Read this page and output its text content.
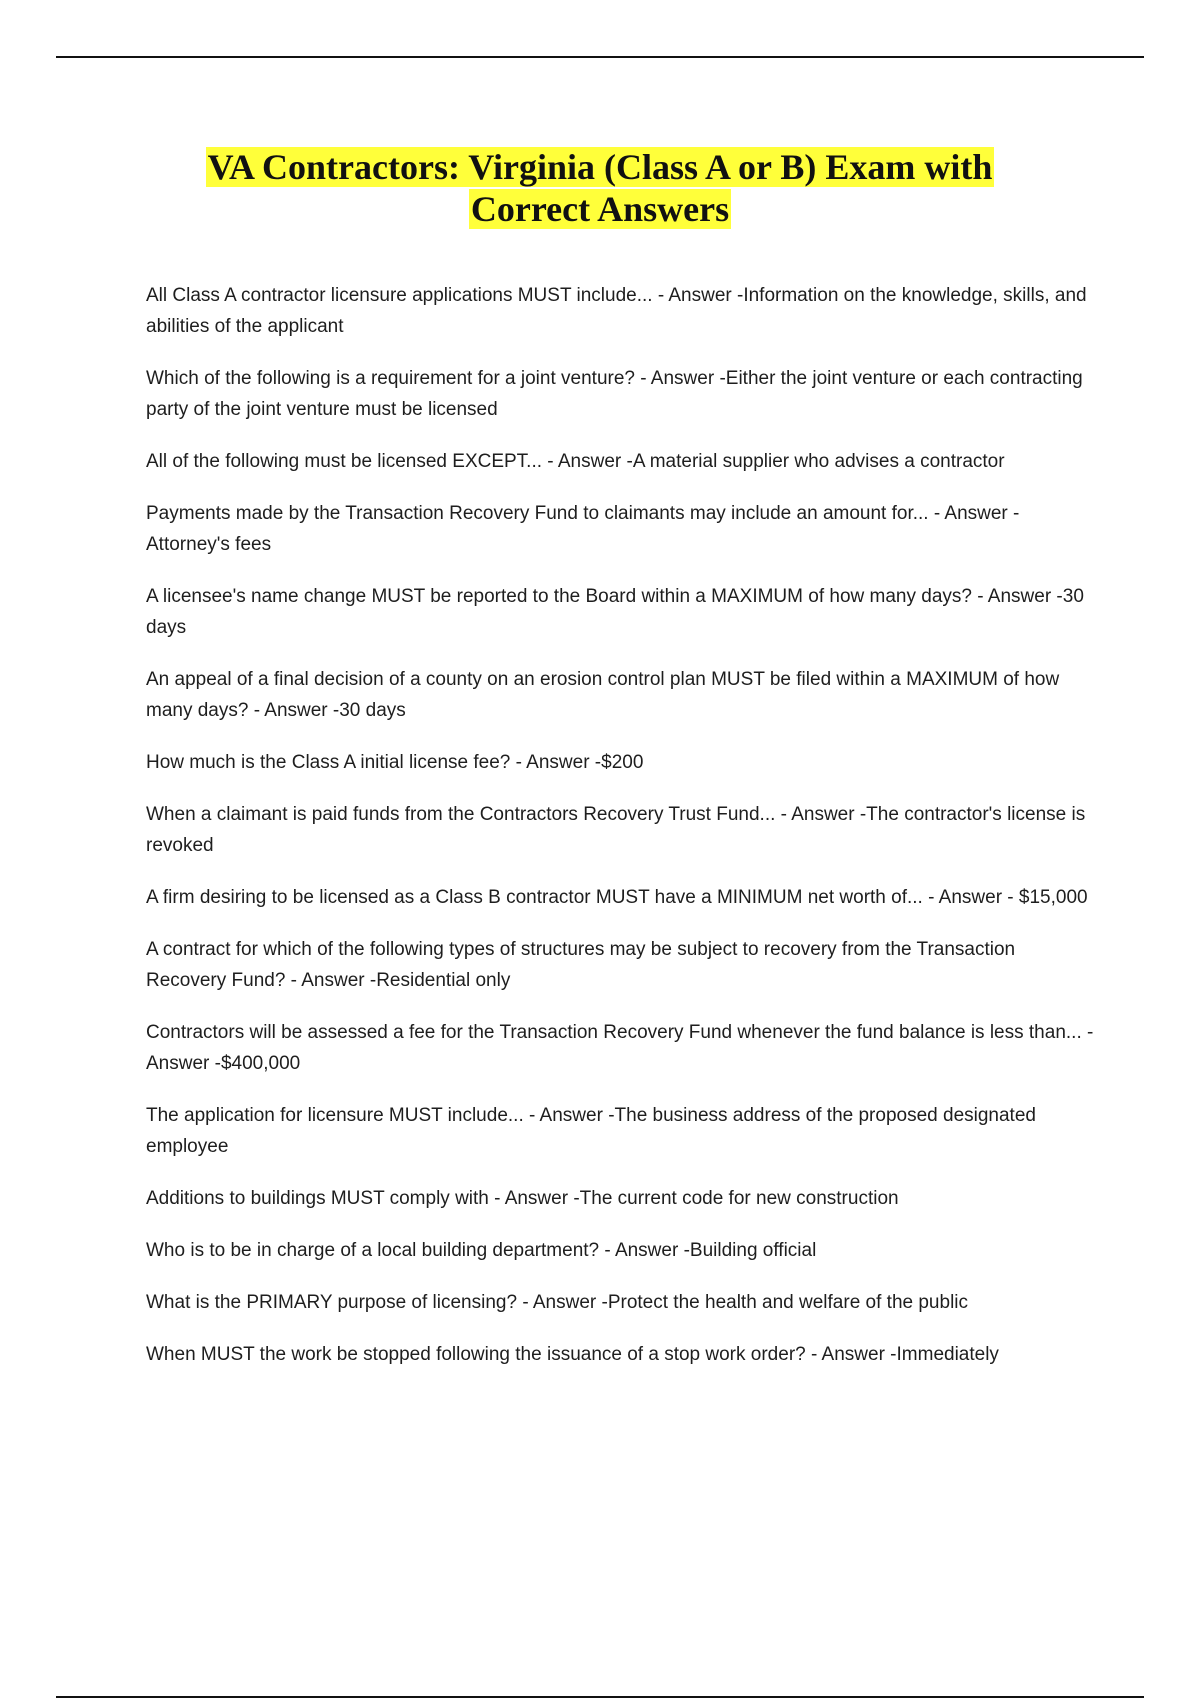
VA Contractors: Virginia (Class A or B) Exam with
Correct Answers

All Class A contractor licensure applications MUST include... - Answer -Information on the knowledge, skills, and abilities of the applicant

Which of the following is a requirement for a joint venture? - Answer -Either the joint venture or each contracting party of the joint venture must be licensed

All of the following must be licensed EXCEPT... - Answer -A material supplier who advises a contractor

Payments made by the Transaction Recovery Fund to claimants may include an amount for... - Answer - Attorney's fees

A licensee's name change MUST be reported to the Board within a MAXIMUM of how many days? - Answer -30 days

An appeal of a final decision of a county on an erosion control plan MUST be filed within a MAXIMUM of how many days? - Answer -30 days

How much is the Class A initial license fee? - Answer -$200

When a claimant is paid funds from the Contractors Recovery Trust Fund... - Answer -The contractor's license is revoked

A firm desiring to be licensed as a Class B contractor MUST have a MINIMUM net worth of... - Answer - $15,000

A contract for which of the following types of structures may be subject to recovery from the Transaction Recovery Fund? - Answer -Residential only

Contractors will be assessed a fee for the Transaction Recovery Fund whenever the fund balance is less than... - Answer -$400,000

The application for licensure MUST include... - Answer -The business address of the proposed designated employee

Additions to buildings MUST comply with - Answer -The current code for new construction

Who is to be in charge of a local building department? - Answer -Building official

What is the PRIMARY purpose of licensing? - Answer -Protect the health and welfare of the public

When MUST the work be stopped following the issuance of a stop work order? - Answer -Immediately
